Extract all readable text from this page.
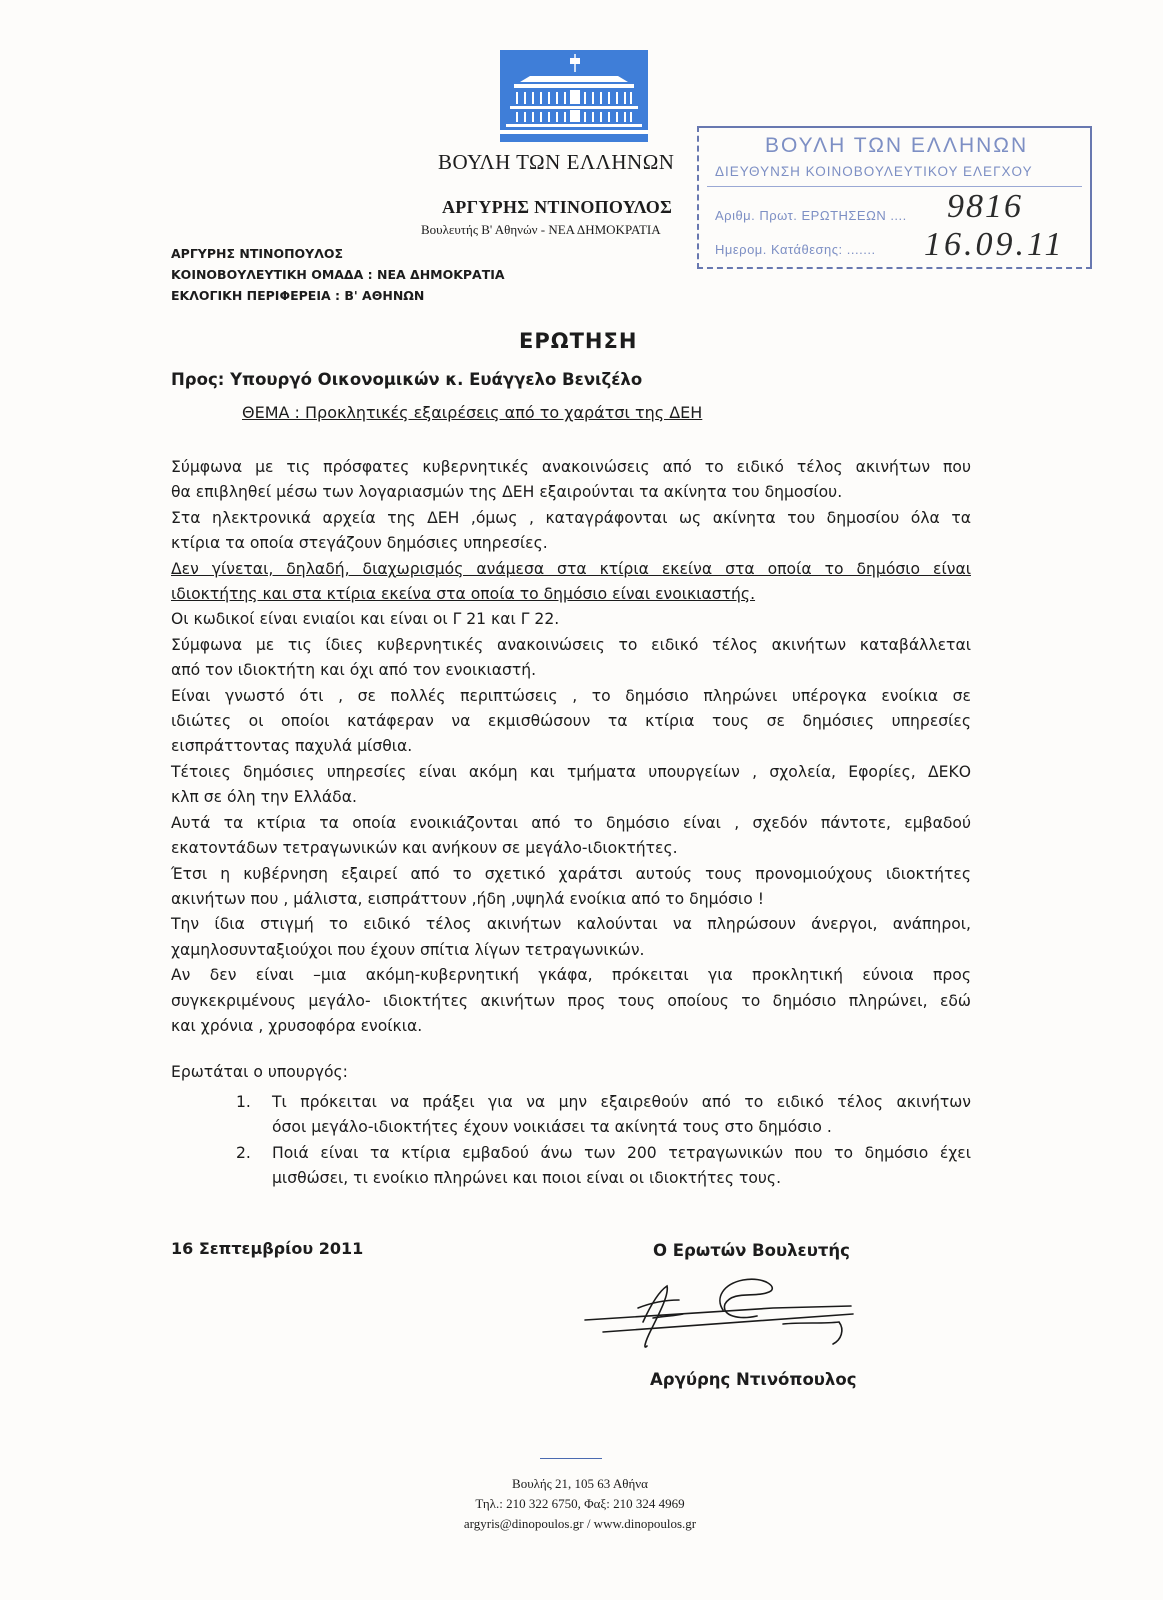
ΒΟΥΛΗ ΤΩΝ ΕΛΛΗΝΩΝ
ΑΡΓΥΡΗΣ ΝΤΙΝΟΠΟΥΛΟΣ
Βουλευτής Β' Αθηνών - ΝΕΑ ΔΗΜΟΚΡΑΤΙΑ
ΑΡΓΥΡΗΣ ΝΤΙΝΟΠΟΥΛΟΣ
ΚΟΙΝΟΒΟΥΛΕΥΤΙΚΗ ΟΜΑΔΑ : ΝΕΑ ΔΗΜΟΚΡΑΤΙΑ
ΕΚΛΟΓΙΚΗ ΠΕΡΙΦΕΡΕΙΑ : Β' ΑΘΗΝΩΝ
ΒΟΥΛΗ ΤΩΝ ΕΛΛΗΝΩΝ
ΔΙΕΥΘΥΝΣΗ ΚΟΙΝΟΒΟΥΛΕΥΤΙΚΟΥ ΕΛΕΓΧΟΥ
Αριθμ. Πρωτ. ΕΡΩΤΗΣΕΩΝ ....
Ημερομ. Κατάθεσης: .......
9816
16.09.11
ΕΡΩΤΗΣΗ
Προς: Υπουργό Οικονομικών κ. Ευάγγελο Βενιζέλο
ΘΕΜΑ : Προκλητικές εξαιρέσεις από το χαράτσι της ΔΕΗ

Σύμφωνα με τις πρόσφατες κυβερνητικές ανακοινώσεις από το ειδικό τέλος ακινήτων που

θα επιβληθεί μέσω των λογαριασμών της ΔΕΗ εξαιρούνται τα ακίνητα του δημοσίου.

Στα ηλεκτρονικά αρχεία της ΔΕΗ ,όμως , καταγράφονται ως ακίνητα του δημοσίου όλα τα

κτίρια τα οποία στεγάζουν δημόσιες υπηρεσίες.

Δεν γίνεται, δηλαδή, διαχωρισμός ανάμεσα στα κτίρια εκείνα στα οποία το δημόσιο είναι

ιδιοκτήτης και στα κτίρια εκείνα στα οποία το δημόσιο είναι ενοικιαστής.

Οι κωδικοί είναι ενιαίοι και είναι οι Γ 21 και Γ 22.

Σύμφωνα με τις ίδιες κυβερνητικές ανακοινώσεις το ειδικό τέλος ακινήτων καταβάλλεται

από τον ιδιοκτήτη και όχι από τον ενοικιαστή.

Είναι γνωστό ότι , σε πολλές περιπτώσεις , το δημόσιο πληρώνει υπέρογκα ενοίκια σε

ιδιώτες οι οποίοι κατάφεραν να εκμισθώσουν τα κτίρια τους σε δημόσιες υπηρεσίες

εισπράττοντας παχυλά μίσθια.

Τέτοιες δημόσιες υπηρεσίες είναι ακόμη και τμήματα υπουργείων , σχολεία, Εφορίες, ΔΕΚΟ

κλπ σε όλη την Ελλάδα.

Αυτά τα κτίρια τα οποία ενοικιάζονται από το δημόσιο είναι , σχεδόν πάντοτε, εμβαδού

εκατοντάδων τετραγωνικών και ανήκουν σε μεγάλο-ιδιοκτήτες.

Έτσι η κυβέρνηση εξαιρεί από το σχετικό χαράτσι αυτούς τους προνομιούχους ιδιοκτήτες

ακινήτων που , μάλιστα, εισπράττουν ,ήδη ,υψηλά ενοίκια από το δημόσιο !

Την ίδια στιγμή το ειδικό τέλος ακινήτων καλούνται να πληρώσουν άνεργοι, ανάπηροι,

χαμηλοσυνταξιούχοι που έχουν σπίτια λίγων τετραγωνικών.

Αν δεν είναι –μια ακόμη-κυβερνητική γκάφα, πρόκειται για προκλητική εύνοια προς

συγκεκριμένους μεγάλο- ιδιοκτήτες ακινήτων προς τους οποίους το δημόσιο πληρώνει, εδώ

και χρόνια , χρυσοφόρα ενοίκια.

Ερωτάται ο υπουργός:
1. Τι πρόκειται να πράξει για να μην εξαιρεθούν από το ειδικό τέλος ακινήτων
όσοι μεγάλο-ιδιοκτήτες έχουν νοικιάσει τα ακίνητά τους στο δημόσιο .
2. Ποιά είναι τα κτίρια εμβαδού άνω των 200 τετραγωνικών που το δημόσιο έχει
μισθώσει, τι ενοίκιο πληρώνει και ποιοι είναι οι ιδιοκτήτες τους.
16 Σεπτεμβρίου 2011	Ο Ερωτών Βουλευτής
Αργύρης Ντινόπουλος
Βουλής 21, 105 63 Αθήνα
Τηλ.: 210 322 6750, Φαξ: 210 324 4969
argyris@dinopoulos.gr / www.dinopoulos.gr
